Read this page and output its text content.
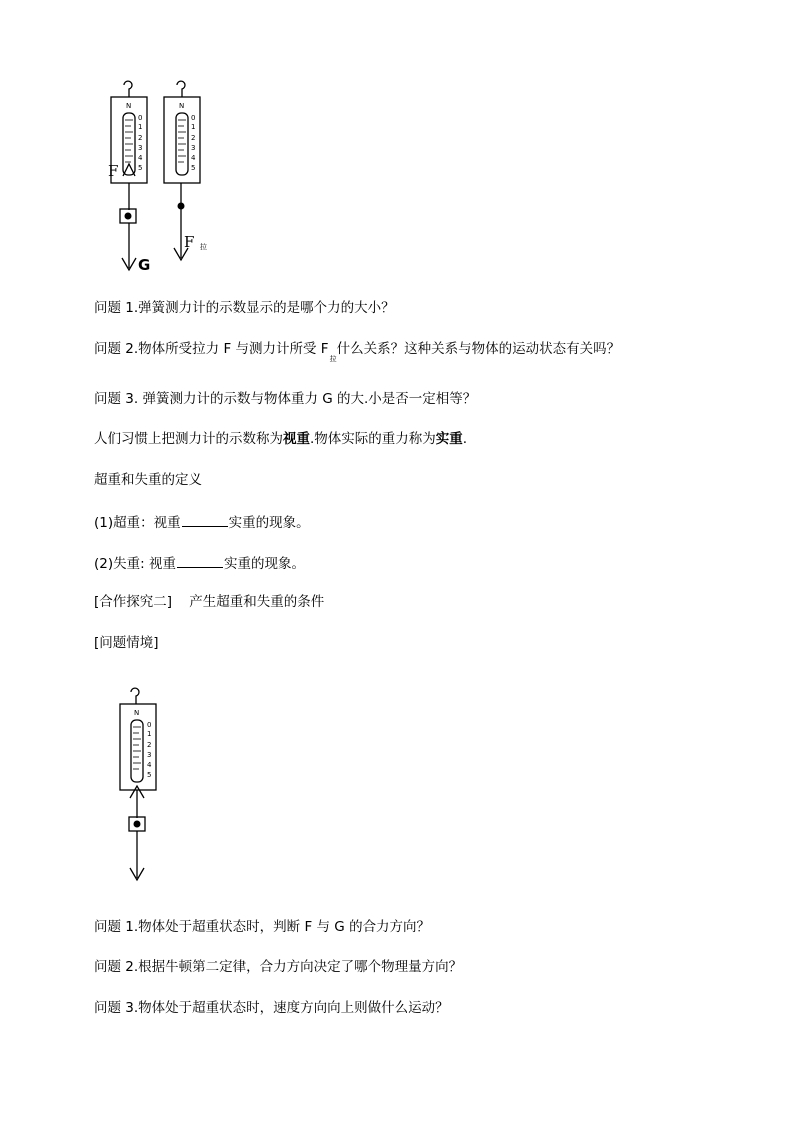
N	N
0
1
2
3
4
5
0
1
2
3
4
5
F
G
F 拉
N
0
1
2
3
4
5
问题 1.弹簧测力计的示数显示的是哪个力的大小？
问题 2.物体所受拉力 F 与测力计所受 $F_拉$什么关系？这种关系与物体的运动状态有关吗？
问题 3. 弹簧测力计的示数与物体重力 G 的大.小是否一定相等？
人们习惯上把测力计的示数称为视重.物体实际的重力称为实重.
超重和失重的定义
(1)超重：视重	实重的现象。
(2)失重: 视重	实重的现象。
[合作探究二]    产生超重和失重的条件
[问题情境]
问题 1.物体处于超重状态时，判断 F 与 G 的合力方向？
问题 2.根据牛顿第二定律，合力方向决定了哪个物理量方向？
问题 3.物体处于超重状态时，速度方向向上则做什么运动？
